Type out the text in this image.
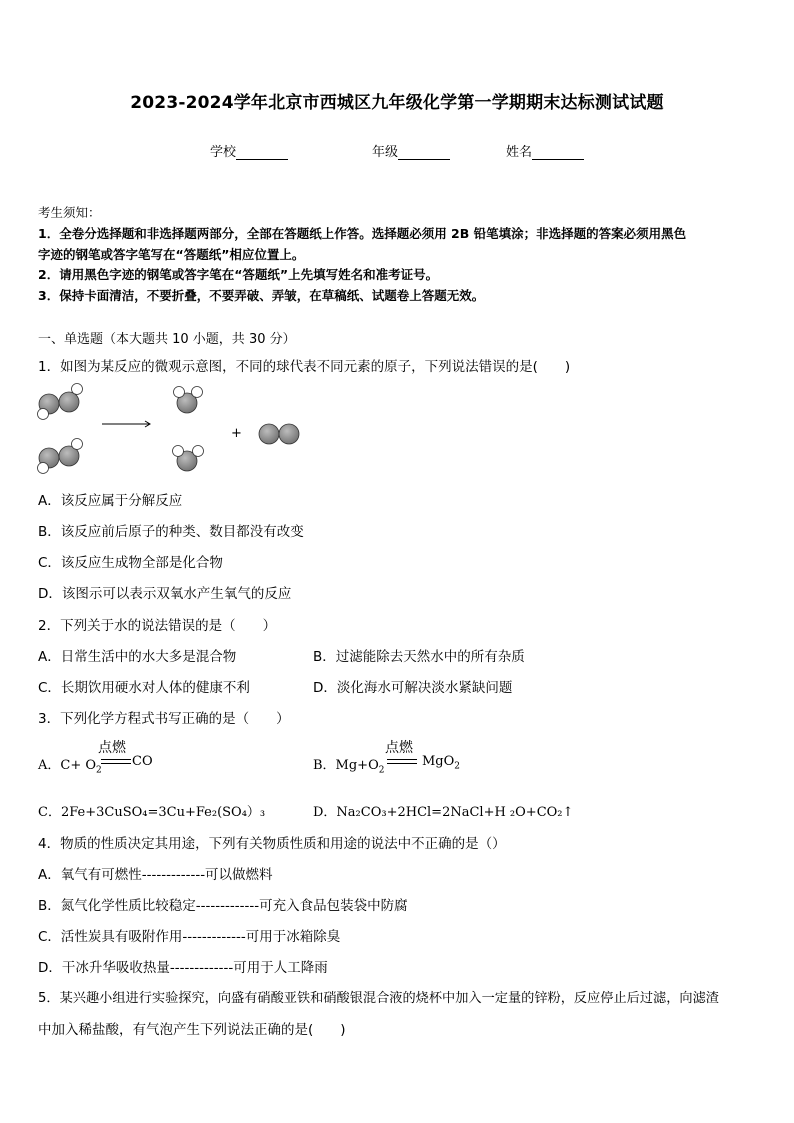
2023-2024学年北京市西城区九年级化学第一学期期末达标测试试题
学校	年级	姓名
考生须知：
1．全卷分选择题和非选择题两部分，全部在答题纸上作答。选择题必须用 2B 铅笔填涂；非选择题的答案必须用黑色
字迹的钢笔或答字笔写在“答题纸”相应位置上。
2．请用黑色字迹的钢笔或答字笔在“答题纸”上先填写姓名和准考证号。
3．保持卡面清洁，不要折叠，不要弄破、弄皱，在草稿纸、试题卷上答题无效。
一、单选题（本大题共 10 小题，共 30 分）
1．如图为某反应的微观示意图，不同的球代表不同元素的原子，下列说法错误的是(　　)
+
A．该反应属于分解反应
B．该反应前后原子的种类、数目都没有改变
C．该反应生成物全部是化合物
D．该图示可以表示双氧水产生氧气的反应
2．下列关于水的说法错误的是（　　）
A．日常生活中的水大多是混合物	B．过滤能除去天然水中的所有杂质
C．长期饮用硬水对人体的健康不利	D．淡化海水可解决淡水紧缺问题
3．下列化学方程式书写正确的是（　　）
A．$C+ O_2$
点燃
CO	B．$Mg+O_2$
点燃
MgO$_2$
C．2Fe+3CuSO₄=3Cu+Fe₂(SO₄）₃	D．Na₂CO₃+2HCl=2NaCl+H ₂O+CO₂↑
4．物质的性质决定其用途，下列有关物质性质和用途的说法中不正确的是（）
A．氧气有可燃性-------------可以做燃料
B．氮气化学性质比较稳定-------------可充入食品包装袋中防腐
C．活性炭具有吸附作用-------------可用于冰箱除臭
D．干冰升华吸收热量-------------可用于人工降雨
5．某兴趣小组进行实验探究，向盛有硝酸亚铁和硝酸银混合液的烧杯中加入一定量的锌粉，反应停止后过滤，向滤渣
中加入稀盐酸，有气泡产生下列说法正确的是(　　)
